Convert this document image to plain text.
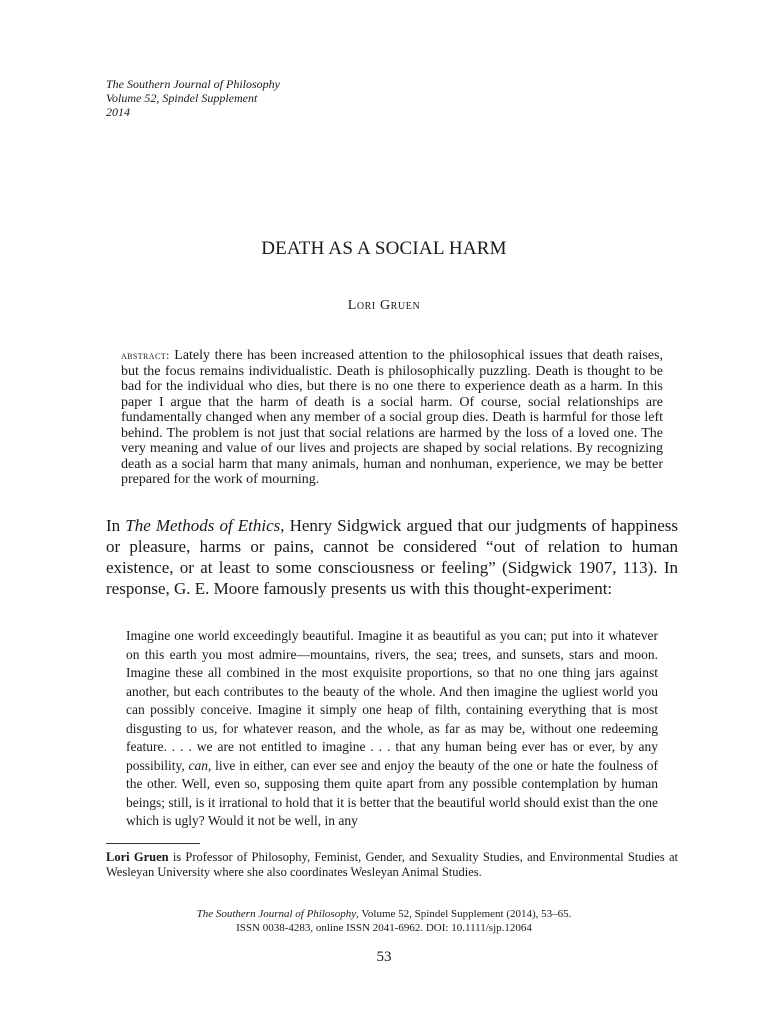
The Southern Journal of Philosophy
Volume 52, Spindel Supplement
2014
DEATH AS A SOCIAL HARM
Lori Gruen
abstract: Lately there has been increased attention to the philosophical issues that death raises, but the focus remains individualistic. Death is philosophically puzzling. Death is thought to be bad for the individual who dies, but there is no one there to experience death as a harm. In this paper I argue that the harm of death is a social harm. Of course, social relationships are fundamentally changed when any member of a social group dies. Death is harmful for those left behind. The problem is not just that social relations are harmed by the loss of a loved one. The very meaning and value of our lives and projects are shaped by social relations. By recognizing death as a social harm that many animals, human and nonhuman, experience, we may be better prepared for the work of mourning.
In The Methods of Ethics, Henry Sidgwick argued that our judgments of happiness or pleasure, harms or pains, cannot be considered “out of relation to human existence, or at least to some consciousness or feeling” (Sidgwick 1907, 113). In response, G. E. Moore famously presents us with this thought-experiment:
Imagine one world exceedingly beautiful. Imagine it as beautiful as you can; put into it whatever on this earth you most admire—mountains, rivers, the sea; trees, and sunsets, stars and moon. Imagine these all combined in the most exquisite proportions, so that no one thing jars against another, but each contributes to the beauty of the whole. And then imagine the ugliest world you can possibly conceive. Imagine it simply one heap of filth, containing everything that is most disgusting to us, for whatever reason, and the whole, as far as may be, without one redeeming feature. . . . we are not entitled to imagine . . . that any human being ever has or ever, by any possibility, can, live in either, can ever see and enjoy the beauty of the one or hate the foulness of the other. Well, even so, supposing them quite apart from any possible contemplation by human beings; still, is it irrational to hold that it is better that the beautiful world should exist than the one which is ugly? Would it not be well, in any
Lori Gruen is Professor of Philosophy, Feminist, Gender, and Sexuality Studies, and Environmental Studies at Wesleyan University where she also coordinates Wesleyan Animal Studies.
The Southern Journal of Philosophy, Volume 52, Spindel Supplement (2014), 53–65.
ISSN 0038-4283, online ISSN 2041-6962. DOI: 10.1111/sjp.12064
53
